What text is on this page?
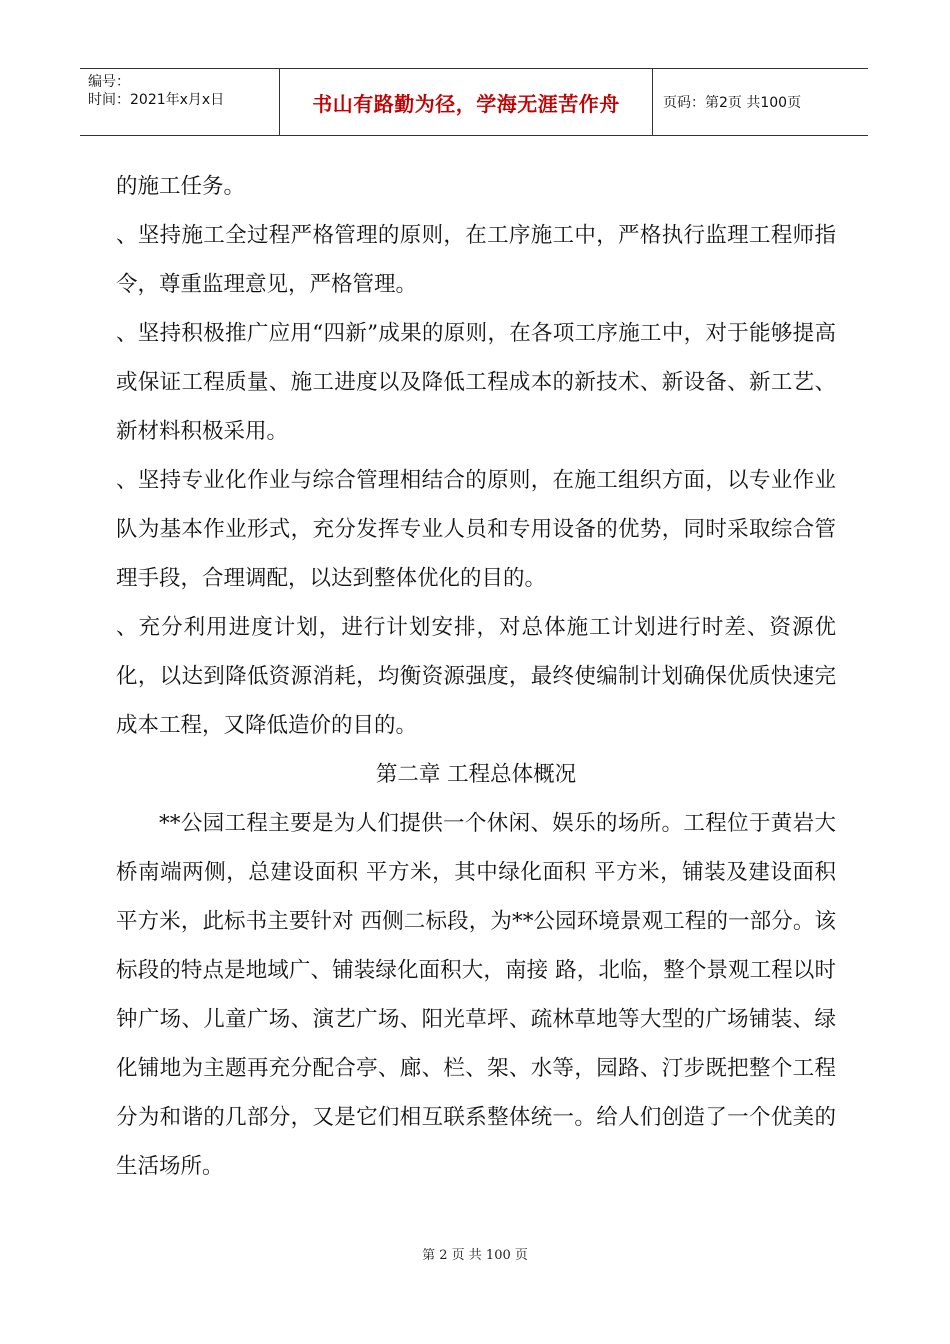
编号：
时间：2021年x月x日	书山有路勤为径，学海无涯苦作舟	页码：第2页 共100页

的施工任务。

、坚持施工全过程严格管理的原则，在工序施工中，严格执行监理工程师指令，尊重监理意见，严格管理。

、坚持积极推广应用“四新”成果的原则，在各项工序施工中，对于能够提高或保证工程质量、施工进度以及降低工程成本的新技术、新设备、新工艺、新材料积极采用。

、坚持专业化作业与综合管理相结合的原则，在施工组织方面，以专业作业队为基本作业形式，充分发挥专业人员和专用设备的优势，同时采取综合管理手段，合理调配，以达到整体优化的目的。

、充分利用进度计划，进行计划安排，对总体施工计划进行时差、资源优化，以达到降低资源消耗，均衡资源强度，最终使编制计划确保优质快速完成本工程，又降低造价的目的。

第二章 工程总体概况

**公园工程主要是为人们提供一个休闲、娱乐的场所。工程位于黄岩大桥南端两侧，总建设面积 平方米，其中绿化面积 平方米，铺装及建设面积 平方米，此标书主要针对 西侧二标段，为**公园环境景观工程的一部分。该标段的特点是地域广、铺装绿化面积大，南接 路，北临，整个景观工程以时钟广场、儿童广场、演艺广场、阳光草坪、疏林草地等大型的广场铺装、绿化铺地为主题再充分配合亭、廊、栏、架、水等，园路、汀步既把整个工程分为和谐的几部分，又是它们相互联系整体统一。给人们创造了一个优美的生活场所。

第 2 页 共 100 页
